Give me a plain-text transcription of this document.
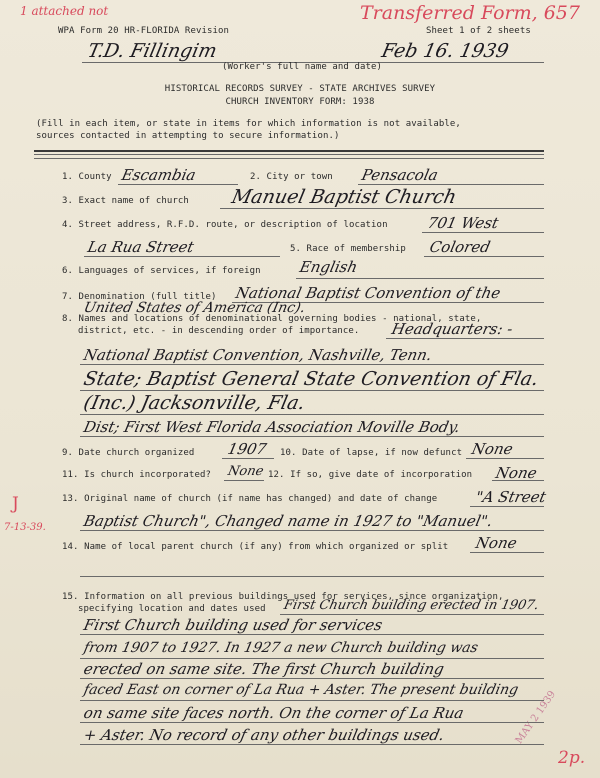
1 attached not	Transferred Form, 657
J
7-13-39.
MAY 2 1939
2p.
WPA Form 20 HR-FLORIDA Revision	Sheet 1 of 2 sheets
T.D. Fillingim	Feb 16. 1939
(Worker's full name and date)
HISTORICAL RECORDS SURVEY - STATE ARCHIVES SURVEY
CHURCH INVENTORY FORM: 1938
(Fill in each item, or state in items for which information is not available,
sources contacted in attempting to secure information.)
1. County Escambia	2. City or town Pensacola
3. Exact name of church Manuel Baptist Church
4. Street address, R.F.D. route, or description of location	701 West
La Rua Street	5. Race of membership Colored
6. Languages of services, if foreign English
7. Denomination (full title) National Baptist Convention of the
United States of America (Inc).
8. Names and locations of denominational governing bodies - national, state,
district, etc. - in descending order of importance. Headquarters: -
National Baptist Convention, Nashville, Tenn.
State; Baptist General State Convention of Fla.
(Inc.) Jacksonville, Fla.
Dist; First West Florida Association Moville Body.
9. Date church organized 1907 10. Date of lapse, if now defunct None
11. Is church incorporated? None 12. If so, give date of incorporation None
13. Original name of church (if name has changed) and date of change "A Street
Baptist Church", Changed name in 1927 to "Manuel".
14. Name of local parent church (if any) from which organized or split None
15. Information on all previous buildings used for services, since organization,
specifying location and dates used First Church building erected in 1907.
First Church building used for services
from 1907 to 1927. In 1927 a new Church building was
erected on same site. The first Church building
faced East on corner of La Rua + Aster. The present building
on same site faces north. On the corner of La Rua
+ Aster. No record of any other buildings used.
